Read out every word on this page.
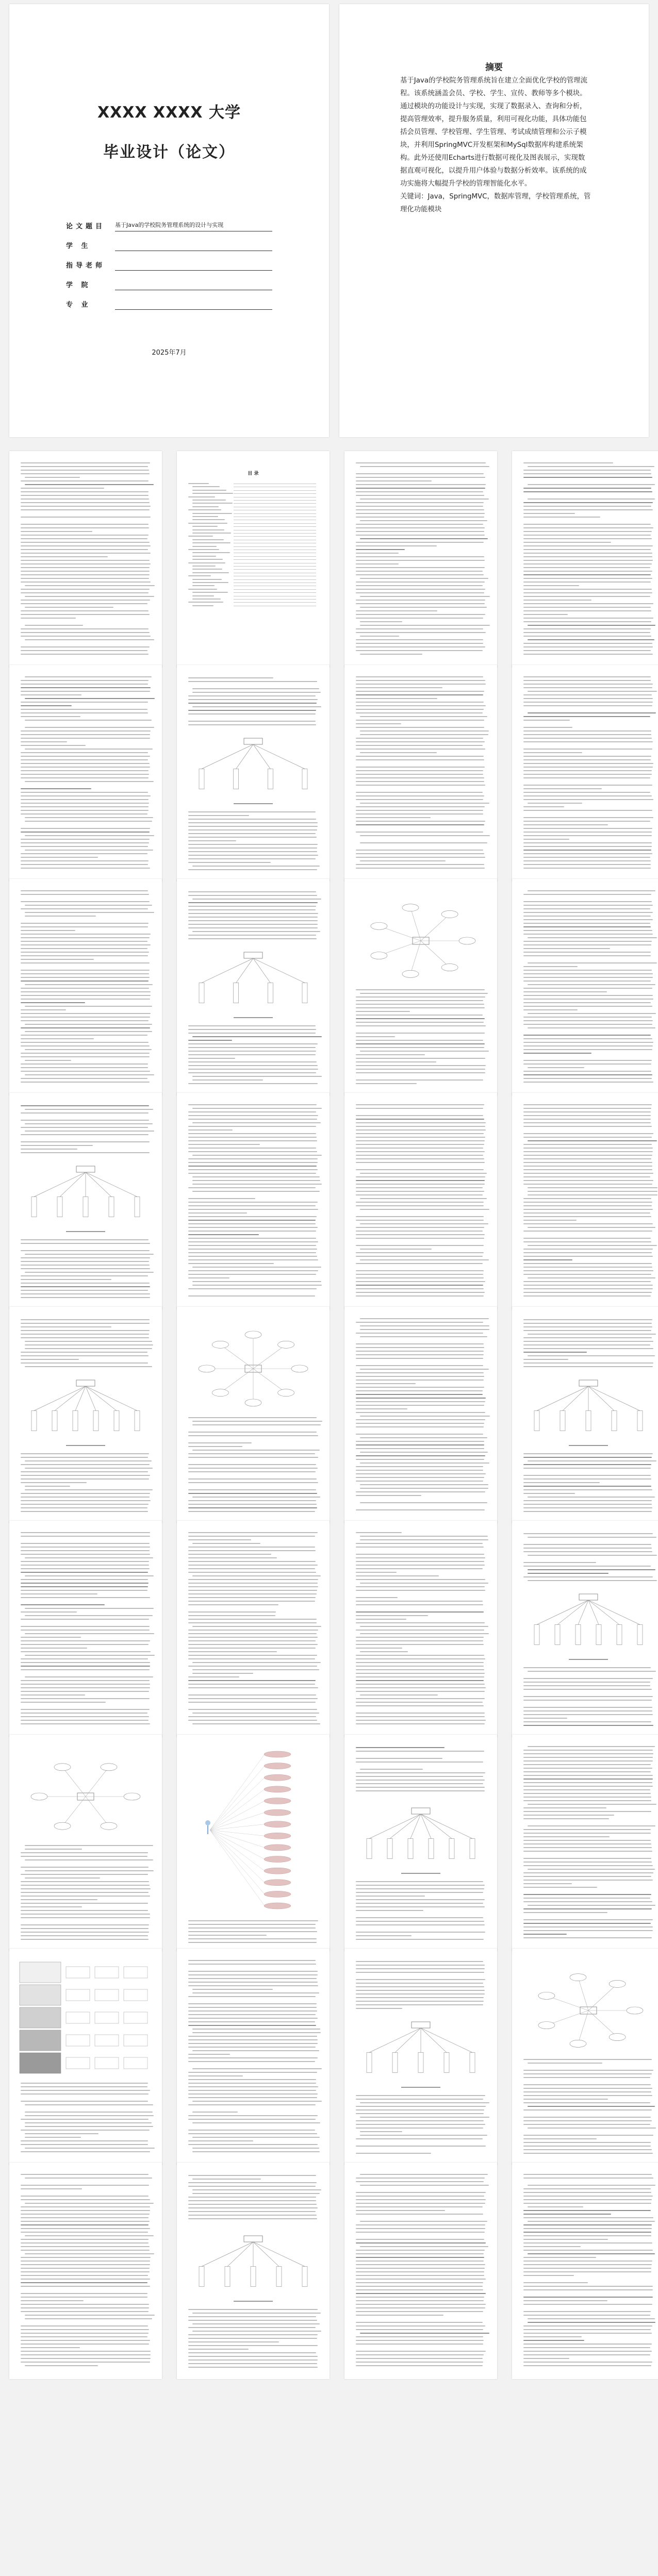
XXXX XXXX 大学
毕业设计（论文）
论文题目	基于Java的学校院务管理系统的设计与实现
学 生
指导老师
学 院
专 业
2025年7月
摘要
基于Java的学校院务管理系统旨在建立全面优化学校的管理流程。该系统涵盖会员、学校、学生、宣传、教师等多个模块。通过模块的功能设计与实现，实现了数据录入、查询和分析，提高管理效率，提升服务质量，利用可视化功能，具体功能包括会员管理、学校管理、学生管理、考试成绩管理和公示子模块，并利用SpringMVC开发框架和MySql数据库构建系统架构。此外还使用Echarts进行数据可视化及图表展示，实现数据直观可视化，以提升用户体验与数据分析效率。该系统的成功实施将大幅提升学校的管理智能化水平。
关键词：Java，SpringMVC，数据库管理，学校管理系统，管理化功能模块
目 录
